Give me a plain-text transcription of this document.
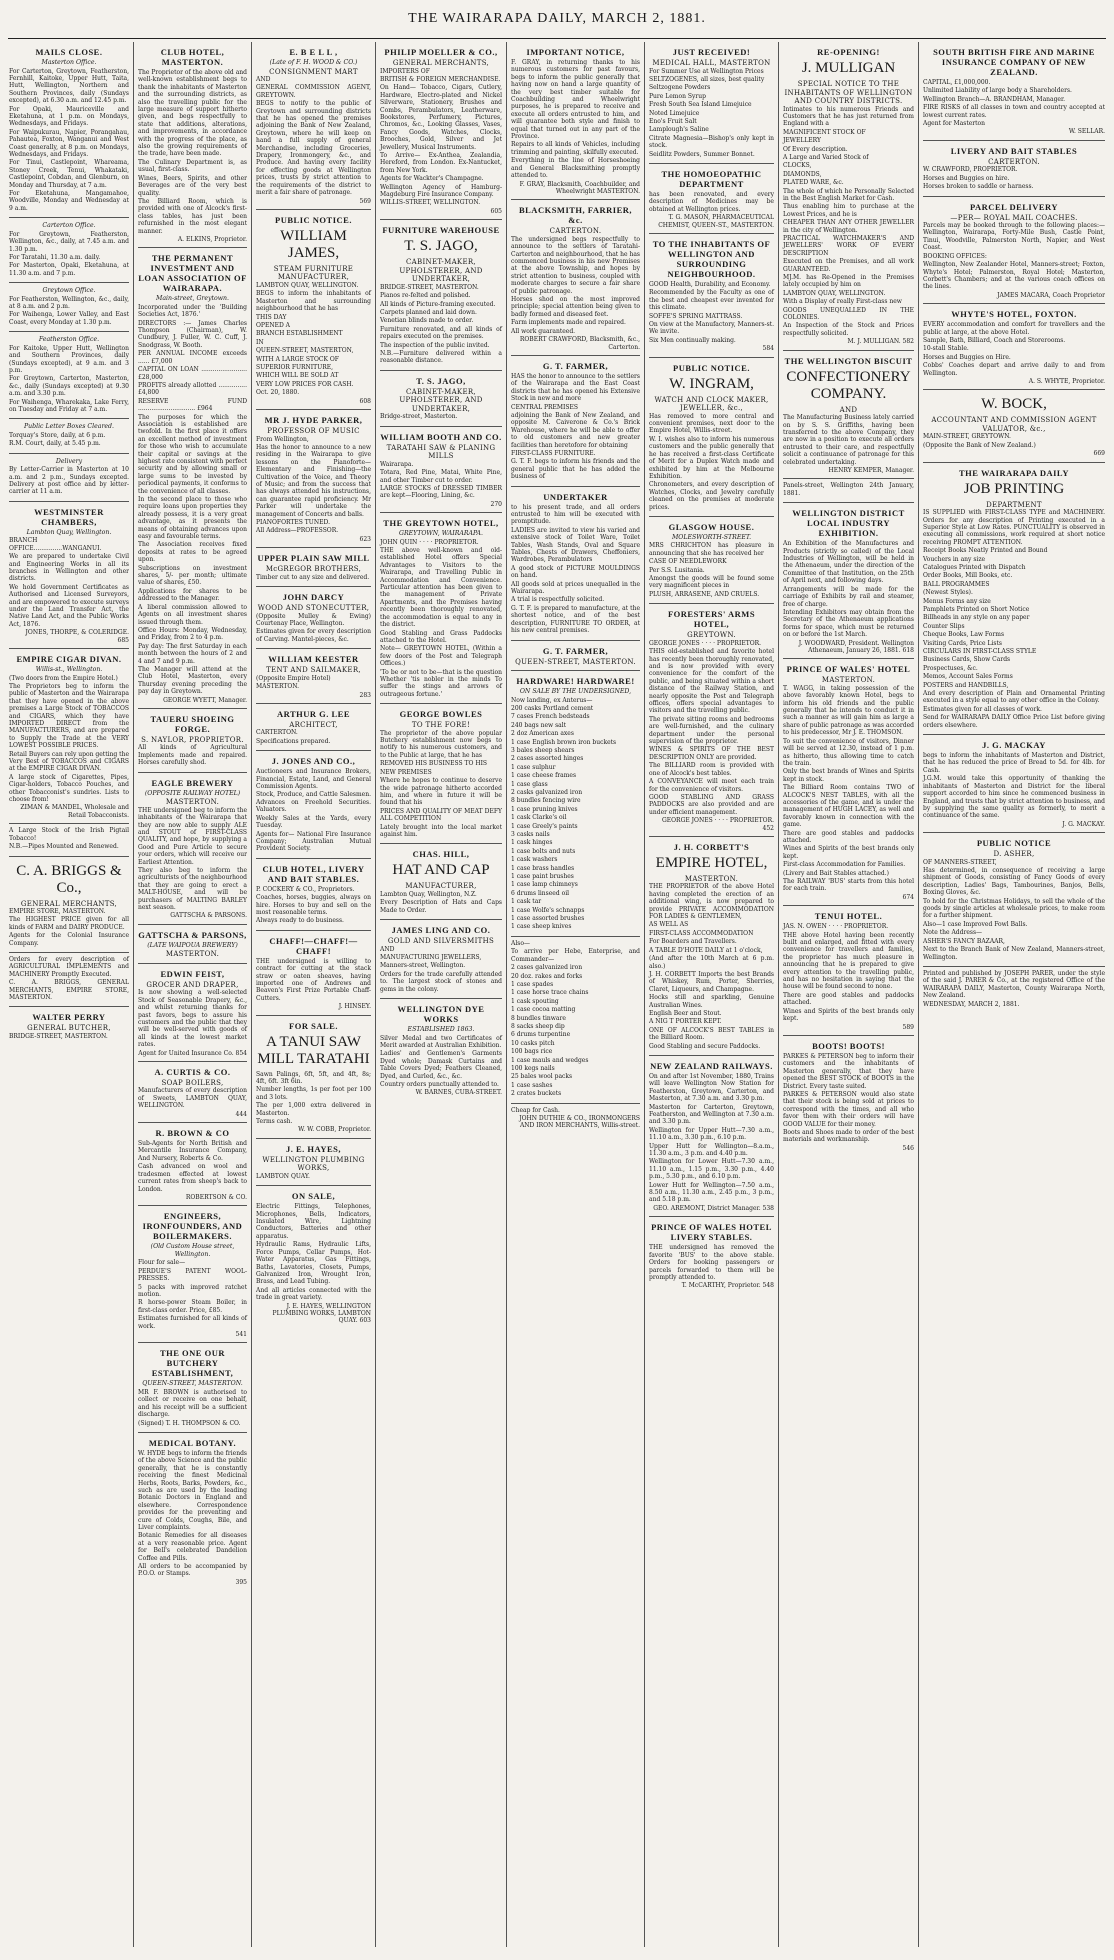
THE WAIRARAPA DAILY, MARCH 2, 1881.
MAILS CLOSE.
Masterton Office.
For Carterton, Greytown, Featherston, Fernhill, Kaitoke, Upper Hutt, Taita, Hutt, Wellington, Northern and Southern Provinces, daily (Sundays excepted), at 6.30 a.m. and 12.45 p.m.
For Opaki, Mauriceville and Eketahuna, at 1 p.m. on Mondays, Wednesdays, and Fridays.
For Waipukurau, Napier, Porangahau, Pahautea, Foxton, Wanganui and West Coast generally, at 8 p.m. on Mondays, Wednesdays, and Fridays.
For Tinui, Castlepoint, Whareama, Stoney Creek, Tenui, Whakataki, Castlepoint, Cobdan, and Glenburn, on Monday and Thursday, at 7 a.m.
For Eketahuna, Mangamahoe, Woodville, Monday and Wednesday at 9 a.m.
Carterton Office.
For Greytown, Featherston, Wellington, &c., daily, at 7.45 a.m. and 1.30 p.m.
For Taratahi, 11.30 a.m. daily.
For Masterton, Opaki, Eketahuna, at 11.30 a.m. and 7 p.m.
Greytown Office.
For Featherston, Wellington, &c., daily, at 8 a.m. and 2 p.m.
For Waihenga, Lower Valley, and East Coast, every Monday at 1.30 p.m.
Featherston Office.
For Kaitoke, Upper Hutt, Wellington and Southern Provinces, daily (Sundays excepted), at 9 a.m. and 3 p.m.
For Greytown, Carterton, Masterton, &c., daily (Sundays excepted) at 9.30 a.m. and 3.30 p.m.
For Waihenga, Wharekaka, Lake Ferry, on Tuesday and Friday at 7 a.m.
Public Letter Boxes Cleared.
Torquay's Store, daily, at 6 p.m.
R.M. Court, daily, at 5.45 p.m.
Delivery
By Letter-Carrier in Masterton at 10 a.m. and 2 p.m., Sundays excepted. Delivery at post office and by letter-carrier at 11 a.m.
WESTMINSTER CHAMBERS,
Lambton Quay, Wellington.
BRANCH OFFICE...............WANGANUI.
We are prepared to undertake Civil and Engineering Works in all its branches in Wellington and other districts.
We hold Government Certificates as Authorised and Licensed Surveyors, and are empowered to execute surveys under the Land Transfer Act, the Native Land Act, and the Public Works Act, 1876.
JONES, THORPE, & COLERIDGE.
685
EMPIRE CIGAR DIVAN.
Willis-st., Wellington.
(Two doors from the Empire Hotel.)
The Proprietors beg to inform the public of Masterton and the Wairarapa that they have opened in the above premises a Large Stock of TOBACCOS and CIGARS, which they have IMPORTED DIRECT from the MANUFACTURERS, and are prepared to Supply the Trade at the VERY LOWEST POSSIBLE PRICES.
Retail Buyers can rely upon getting the Very Best of TOBACCOS and CIGARS at the EMPIRE CIGAR DIVAN.
A large stock of Cigarettes, Pipes, Cigar-holders, Tobacco Pouches, and other Tobacconist's sundries. Lists to choose from!
ZIMAN & MANDEL, Wholesale and Retail Tobacconists.
A Large Stock of the Irish Pigtail Tobacco!
N.B.—Pipes Mounted and Renewed.
C. A. BRIGGS & Co.,
GENERAL MERCHANTS,
EMPIRE STORE, MASTERTON.
The HIGHEST PRICE given for all kinds of FARM and DAIRY PRODUCE.
Agents for the Colonial Insurance Company.
Orders for every description of AGRICULTURAL IMPLEMENTS and MACHINERY Promptly Executed.
C. A. BRIGGS, GENERAL MERCHANTS, EMPIRE STORE, MASTERTON.
WALTER PERRY
GENERAL BUTCHER,
BRIDGE-STREET, MASTERTON.
CLUB HOTEL, MASTERTON.
The Proprietor of the above old and well-known establishment begs to thank the inhabitants of Masterton and the surrounding districts, as also the travelling public for the large measure of support hitherto given, and begs respectfully to state that additions, alterations, and improvements, in accordance with the progress of the place, as also the growing requirements of the trade, have been made.
The Culinary Department is, as usual, first-class.
Wines, Beers, Spirits, and other Beverages are of the very best quality.
The Billiard Room, which is provided with one of Alcock's first-class tables, has just been refurnished in the most elegant manner.
A. ELKINS, Proprietor.
THE PERMANENT INVESTMENT AND LOAN ASSOCIATION OF WAIRARAPA.
Main-street, Greytown.
Incorporated under the 'Building Societies Act, 1876.'
DIRECTORS :— James Charles Thompson (Chairman), W. Cundbury, J. Fuller, W. C. Cuff, J. Snodgrass, W. Booth.
PER ANNUAL INCOME exceeds ...... £7,000
CAPITAL ON LOAN ........................ £28,000
PROFITS already allotted ............... £4,800
RESERVE FUND .............................. £964
The purposes for which the Association is established are twofold. In the first place it offers an excellent method of investment for those who wish to accumulate their capital or savings at the highest rate consistent with perfect security and by allowing small or large sums to be invested by periodical payments, it conforms to the convenience of all classes.
In the second place to those who require loans upon properties they already possess, it is a very great advantage, as it presents the means of obtaining advances upon easy and favourable terms.
The Association receives fixed deposits at rates to be agreed upon.
Subscriptions on investment shares, 5/- per month; ultimate value of shares, £50.
Applications for shares to be addressed to the Manager.
A liberal commission allowed to Agents on all investment shares issued through them.
Office Hours: Monday, Wednesday, and Friday, from 2 to 4 p.m.
Pay day: The first Saturday in each month between the hours of 2 and 4 and 7 and 9 p.m.
The Manager will attend at the Club Hotel, Masterton, every Thursday evening preceding the pay day in Greytown.
GEORGE WYETT, Manager.
TAUERU SHOEING FORGE.
S. NAYLOR, PROPRIETOR.
All kinds of Agricultural Implements made and repaired. Horses carefully shod.
EAGLE BREWERY
(OPPOSITE RAILWAY HOTEL)
MASTERTON.
THE undersigned beg to inform the inhabitants of the Wairarapa that they are now able to supply ALE and STOUT of FIRST-CLASS QUALITY, and hope, by supplying a Good and Pure Article to secure your orders, which will receive our Earliest Attention.
They also beg to inform the agriculturists of the neighbourhood that they are going to erect a MALT-HOUSE, and will be purchasers of MALTING BARLEY next season.
GATTSCHA & PARSONS.
GATTSCHA & PARSONS,
(LATE WAIPOUA BREWERY)
MASTERTON.
EDWIN FEIST,
GROCER AND DRAPER,
Is now showing a well-selected Stock of Seasonable Drapery, &c., and whilst returning thanks for past favors, begs to assure his customers and the public that they will be well-served with goods of all kinds at the lowest market rates.
Agent for United Insurance Co. 854
A. CURTIS & CO.
SOAP BOILERS,
Manufacturers of every description of Sweets, LAMBTON QUAY, WELLINGTON.
444
R. BROWN & CO
Sub-Agents for North British and Mercantile Insurance Company, And Nursery, Roberts & Co.
Cash advanced on wool and tradesmen effected at lowest current rates from sheep's back to London.
ROBERTSON & CO.
ENGINEERS, IRONFOUNDERS, AND BOILERMAKERS.
(Old Custom House street, Wellington.
Flour for sale—
PERDUE'S PATENT WOOL-PRESSES.
5 packs with improved ratchet motion.
R horse-power Steam Boiler, in first-class order. Price, £85.
Estimates furnished for all kinds of work.
541
THE ONE OUR BUTCHERY ESTABLISHMENT,
QUEEN-STREET, MASTERTON.
MR F. BROWN is authorised to collect or receive on one behalf, and his receipt will be a sufficient discharge.
(Signed) T. H. THOMPSON & CO.
MEDICAL BOTANY.
W. HYDE begs to inform the friends of the above Science and the public generally, that he is constantly receiving the finest Medicinal Herbs, Roots, Barks, Powders, &c., such as are used by the leading Botanic Doctors in England and elsewhere. Correspondence provides for the preventing and cure of Colds, Coughs, Bile, and Liver complaints.
Botanic Remedies for all diseases at a very reasonable price. Agent for Bell's celebrated Dandelion Coffee and Pills.
All orders to be accompanied by P.O.O. or Stamps.
395
E. B E L L ,
(Late of F. H. WOOD & CO.)
CONSIGNMENT MART
AND
GENERAL COMMISSION AGENT, GREYTOWN.
BEGS to notify to the public of Greytown and surrounding districts that he has opened the premises adjoining the Bank of New Zealand, Greytown, where he will keep on hand a full supply of general Merchandise, including Groceries, Drapery, Ironmongery, &c., and Produce. And having every facility for effecting goods at Wellington prices, trusts by strict attention to the requirements of the district to merit a fair share of patronage.
569
PUBLIC NOTICE.
WILLIAM JAMES,
STEAM FURNITURE MANUFACTURER,
LAMBTON QUAY, WELLINGTON.
BEGS to inform the inhabitants of Masterton and surrounding neighbourhood that he has
THIS DAY
OPENED A
BRANCH ESTABLISHMENT
IN
QUEEN-STREET, MASTERTON,
WITH A LARGE STOCK OF
SUPERIOR FURNITURE,
WHICH WILL BE SOLD AT
VERY LOW PRICES FOR CASH.
Oct. 20, 1880.
608
MR J. HYDE PARKER,
PROFESSOR OF MUSIC
From Wellington,
Has the honor to announce to a new residing in the Wairarapa to give lessons on the Pianoforte—Elementary and Finishing—the Cultivation of the Voice, and Theory of Music; and from the success that has always attended his instructions, can guarantee rapid proficiency. Mr Parker will undertake the management of Concerts and balls.
PIANOFORTES TUNED.
All Address—PROFESSOR.
623
UPPER PLAIN SAW MILL
McGREGOR BROTHERS,
Timber cut to any size and delivered.
JOHN DARCY
WOOD AND STONECUTTER,
(Opposite Mulley & Ewing) Courtenay Place, Wellington.
Estimates given for every description of Carving. Mantel-pieces, &c.
WILLIAM KEESTER
TENT AND SAILMAKER,
(Opposite Empire Hotel)
MASTERTON.
283
ARTHUR G. LEE
ARCHITECT,
CARTERTON.
Specifications prepared.
J. JONES AND CO.,
Auctioneers and Insurance Brokers, Financial, Estate, Land, and General Commission Agents.
Stock, Produce, and Cattle Salesmen. Advances on Freehold Securities. Valuators.
Weekly Sales at the Yards, every Tuesday.
Agents for— National Fire Insurance Company; Australian Mutual Provident Society.
CLUB HOTEL, LIVERY AND BAIT STABLES.
P. COCKERY & CO., Proprietors.
Coaches, horses, buggies, always on hire. Horses to buy and sell on the most reasonable terms.
Always ready to do business.
CHAFF!—CHAFF!—CHAFF!
THE undersigned is willing to contract for cutting at the stack straw or oaten sheaves, having imported one of Andrews and Beaven's First Prize Portable Chaff-Cutters.
J. HINSEY.
FOR SALE.
A TANUI SAW MILL TARATAHI
Sawn Palings, 6ft, 5ft, and 4ft, 8s; 4ft, 6ft. 3ft 6in.
Number lengths, 1s per foot per 100 and 3 lots.
The per 1,000 extra delivered in Masterton.
Terms cash.
W. W. COBB, Proprietor.
J. E. HAYES,
WELLINGTON PLUMBING WORKS,
LAMBTON QUAY.
ON SALE,
Electric Fittings, Telephones, Microphones, Bells, Indicators, Insulated Wire, Lightning Conductors, Batteries and other apparatus.
Hydraulic Rams, Hydraulic Lifts, Force Pumps, Cellar Pumps, Hot-Water Apparatus, Gas Fittings, Baths, Lavatories, Closets, Pumps, Galvanized Iron, Wrought Iron, Brass, and Lead Tubing.
And all articles connected with the trade in great variety.
J. E. HAYES, WELLINGTON PLUMBING WORKS, LAMBTON QUAY. 603
PHILIP MOELLER & CO.,
GENERAL MERCHANTS,
IMPORTERS OF
BRITISH & FOREIGN MERCHANDISE.
On Hand— Tobacco, Cigars, Cutlery, Hardware, Electro-plated and Nickel Silverware, Stationery, Brushes and Combs, Perambulators, Leatherware, Bookstores, Perfumery, Pictures, Chromos, &c., Looking Glasses, Vases, Fancy Goods, Watches, Clocks, Brooches, Gold, Silver and Jet Jewellery, Musical Instruments.
To Arrive— Ex-Anthea, Zealandia, Hereford, from London. Ex-Nantucket, from New York.
Agents for Wackter's Champagne.
Wellington Agency of Hamburg-Magdeburg Fire Insurance Company.
WILLIS-STREET, WELLINGTON.
605
FURNITURE WAREHOUSE
T. S. JAGO,
CABINET-MAKER, UPHOLSTERER, AND UNDERTAKER,
BRIDGE-STREET, MASTERTON.
Pianos re-felted and polished.
All kinds of Picture-framing executed.
Carpets planned and laid down.
Venetian blinds made to order.
Furniture renovated, and all kinds of repairs executed on the premises.
The inspection of the public invited.
N.B.—Furniture delivered within a reasonable distance.
T. S. JAGO,
CABINET-MAKER, UPHOLSTERER, AND UNDERTAKER,
Bridge-street, Masterton.
WILLIAM BOOTH AND CO.
TARATAHI SAW & PLANING MILLS
Wairarapa.
Totara, Red Pine, Matai, White Pine, and other Timber cut to order.
LARGE STOCKS of DRESSED TIMBER are kept—Flooring, Lining, &c.
270
THE GREYTOWN HOTEL,
GREYTOWN, WAIRARAPA.
JOHN QUIN · · · · PROPRIETOR.
THE above well-known and old-established Hotel offers Special Advantages to Visitors to the Wairarapa, and Travelling Public in Accommodation and Convenience. Particular attention has been given to the management of Private Apartments, and the Premises having recently been thoroughly renovated, the accommodation is equal to any in the district.
Good Stabling and Grass Paddocks attached to the Hotel.
Note— GREYTOWN HOTEL, (Within a few doors of the Post and Telegraph Offices.)
'To be or not to be—that is the question Whether 'tis nobler in the minds To suffer the stings and arrows of outrageous fortune.'
GEORGE BOWLES
TO THE FORE!
The proprietor of the above popular Butchery establishment now begs to notify to his numerous customers, and to the Public at large, that he has
REMOVED HIS BUSINESS TO HIS
NEW PREMISES
Where he hopes to continue to deserve the wide patronage hitherto accorded him, and where in future it will be found that his
PRICES AND QUALITY OF MEAT DEFY ALL COMPETITION
Lately brought into the local market against him.
CHAS. HILL,
HAT AND CAP
MANUFACTURER,
Lambton Quay, Wellington, N.Z.
Every Description of Hats and Caps Made to Order.
JAMES LING AND CO.
GOLD AND SILVERSMITHS
AND
MANUFACTURING JEWELLERS,
Manners-street, Wellington.
Orders for the trade carefully attended to. The largest stock of stones and gems in the colony.
WELLINGTON DYE WORKS
ESTABLISHED 1863.
Silver Medal and two Certificates of Merit awarded at Australian Exhibition.
Ladies' and Gentlemen's Garments Dyed whole; Damask Curtains and Table Covers Dyed; Feathers Cleaned, Dyed, and Curled, &c., &c.
Country orders punctually attended to.
W. BARNES, CUBA-STREET.
IMPORTANT NOTICE,
F. GRAY, in returning thanks to his numerous customers for past favours, begs to inform the public generally that having now on hand a large quantity of the very best timber suitable for Coachbuilding and Wheelwright purposes, he is prepared to receive and execute all orders entrusted to him, and will guarantee both style and finish to equal that turned out in any part of the Province.
Repairs to all kinds of Vehicles, including trimming and painting, skilfully executed.
Everything in the line of Horseshoeing and General Blacksmithing promptly attended to.
F. GRAY, Blacksmith, Coachbuilder, and Wheelwright MASTERTON.
BLACKSMITH, FARRIER, &c.
CARTERTON.
The undersigned begs respectfully to announce to the settlers of Taratahi-Carterton and neighbourhood, that he has commenced business in his new Premises at the above Township, and hopes by strict attention to business, coupled with moderate charges to secure a fair share of public patronage.
Horses shod on the most improved principle; special attention being given to badly formed and diseased feet.
Farm implements made and repaired.
All work guaranteed.
ROBERT CRAWFORD, Blacksmith, &c., Carterton.
G. T. FARMER,
HAS the honor to announce to the settlers of the Wairarapa and the East Coast districts that he has opened his Extensive Stock in new and more
CENTRAL PREMISES
adjoining the Bank of New Zealand, and opposite M. Caiverone & Co.'s Brick Warehouse, where he will be able to offer to old customers and new greater facilities than heretofore for obtaining
FIRST-CLASS FURNITURE.
G. T. F. begs to inform his friends and the general public that he has added the business of
UNDERTAKER
to his present trade, and all orders entrusted to him will be executed with promptitude.
LADIES are invited to view his varied and extensive stock of Toilet Ware, Toilet Tables, Wash Stands, Oval and Square Tables, Chests of Drawers, Cheffoniers, Wardrobes, Perambulators
A good stock of PICTURE MOULDINGS on hand.
All goods sold at prices unequalled in the Wairarapa.
A trial is respectfully solicited.
G. T. F. is prepared to manufacture, at the shortest notice, and of the best description, FURNITURE TO ORDER, at his new central premises.
G. T. FARMER,
QUEEN-STREET, MASTERTON.
HARDWARE! HARDWARE!
ON SALE BY THE UNDERSIGNED,
Now landing, ex Anterus—
200 casks Portland cement
7 cases French bedsteads
240 bags new salt
2 doz American axes
1 case English brown iron buckets
3 bales sheep shears
2 cases assorted hinges
1 case sulphur
1 case cheese frames
1 case glass
2 casks galvanized iron
8 bundles fencing wire
1 case pruning knives
1 cask Clarke's oil
1 case Greely's paints
3 casks nails
1 cask hinges
1 case bolts and nuts
1 cask washers
1 case brass handles
1 case paint brushes
1 case lamp chimneys
6 drums linseed oil
1 cask tar
1 case Wolfe's schnapps
1 case assorted brushes
1 case sheep knives
Also—
To arrive per Hebe, Enterprise, and Commander—
2 cases galvanized iron
20 doz. rakes and forks
1 case spades
1 case horse trace chains
1 cask spouting
1 case cocoa matting
8 bundles tinware
8 sacks sheep dip
6 drums turpentine
10 casks pitch
100 bags rice
1 case mauls and wedges
100 kegs nails
25 bales wool packs
1 case sashes
2 crates buckets
Cheap for Cash.
JOHN DUTHIE & CO., IRONMONGERS AND IRON MERCHANTS, Willis-street.
JUST RECEIVED!
MEDICAL HALL, MASTERTON
For Summer Use at Wellington Prices
SELTZOGENES, all sizes, best quality
Seltzogene Powders
Pure Lemon Syrup
Fresh South Sea Island Limejuice
Noted Limejuice
Eno's Fruit Salt
Lamplough's Saline
Citrate Magnesia—Bishop's only kept in stock.
Seidlitz Powders, Summer Bonnet.
THE HOMOEOPATHIC DEPARTMENT
has been renovated, and every description of Medicines may be obtained at Wellington prices.
T. G. MASON, PHARMACEUTICAL CHEMIST, QUEEN-ST., MASTERTON.
TO THE INHABITANTS OF WELLINGTON AND SURROUNDING NEIGHBOURHOOD.
GOOD Health, Durability, and Economy.
Recommended by the Faculty as one of the best and cheapest ever invented for this climate.
SOFFE'S SPRING MATTRASS.
On view at the Manufactory, Manners-st. We invite.
Six Men continually making.
584
PUBLIC NOTICE.
W. INGRAM,
WATCH AND CLOCK MAKER, JEWELLER, &c.,
Has removed to more central and convenient premises, next door to the Empire Hotel, Willis-street.
W. I. wishes also to inform his numerous customers and the public generally that he has received a first-class Certificate of Merit for a Duplex Watch made and exhibited by him at the Melbourne Exhibition.
Chronometers, and every description of Watches, Clocks, and Jewelry carefully cleaned on the premises at moderate prices.
GLASGOW HOUSE.
MOLESWORTH-STREET.
MRS CHRICHTON has pleasure in announcing that she has received her
CASE OF NEEDLEWORK
Per S.S. Lusitania.
Amongst the goods will be found some very magnificent pieces in
PLUSH, ARRASENE, AND CRUELS.
FORESTERS' ARMS HOTEL,
GREYTOWN.
GEORGE JONES · · · · PROPRIETOR.
THIS old-established and favorite hotel has recently been thoroughly renovated, and is now provided with every convenience for the comfort of the public, and being situated within a short distance of the Railway Station, and nearly opposite the Post and Telegraph offices, offers special advantages to visitors and the travelling public.
The private sitting rooms and bedrooms are well-furnished, and the culinary department under the personal supervision of the proprietor.
WINES & SPIRITS OF THE BEST DESCRIPTION ONLY are provided.
The BILLIARD room is provided with one of Alcock's best tables.
A CONVEYANCE will meet each train for the convenience of visitors.
GOOD STABLING AND GRASS PADDOCKS are also provided and are under efficient management.
GEORGE JONES · · · · PROPRIETOR. 452
J. H. CORBETT'S
EMPIRE HOTEL,
MASTERTON.
THE PROPRIETOR of the above Hotel having completed the erection of an additional wing, is now prepared to provide PRIVATE ACCOMMODATION FOR LADIES & GENTLEMEN,
AS WELL AS
FIRST-CLASS ACCOMMODATION
For Boarders and Travellers.
A TABLE D'HOTE DAILY at 1 o'clock,
(And after the 10th March at 6 p.m. also.)
J. H. CORBETT Imports the best Brands of Whiskey, Rum, Porter, Sherries, Claret, Liqueurs, and Champagne.
Hocks still and sparkling, Genuine Australian Wines.
English Beer and Stout.
A NIG T PORTER KEPT.
ONE OF ALCOCK'S BEST TABLES in the Billiard Room.
Good Stabling and secure Paddocks.
NEW ZEALAND RAILWAYS.
On and after 1st November, 1880, Trains will leave Wellington Now Station for Featherston, Greytown, Carterton, and Masterton, at 7.30 a.m. and 3.30 p.m.
Masterton for Carterton, Greytown, Featherston, and Wellington at 7.30 a.m. and 3.30 p.m.
Wellington for Upper Hutt—7.30 a.m., 11.10 a.m., 3.30 p.m., 6.10 p.m.
Upper Hutt for Wellington—8.a.m., 11.30 a.m., 3 p.m. and 4.40 p.m.
Wellington for Lower Hutt—7.30 a.m., 11.10 a.m., 1.15 p.m., 3.30 p.m., 4.40 p.m., 5.30 p.m., and 6.10 p.m.
Lower Hutt for Wellington—7.50 a.m., 8.50 a.m., 11.30 a.m., 2.45 p.m., 3 p.m., and 5.18 p.m.
GEO. AREMONT, District Manager. 538
PRINCE OF WALES HOTEL LIVERY STABLES.
THE undersigned has removed the favorite 'BUS' to the above stable. Orders for booking passengers or parcels forwarded to them will be promptly attended to.
T. McCARTHY, Proprietor. 548
RE-OPENING!
J. MULLIGAN
SPECIAL NOTICE TO THE INHABITANTS OF WELLINGTON AND COUNTRY DISTRICTS.
Intimates to his numerous Friends and Customers that he has just returned from England with a
MAGNIFICENT STOCK OF
JEWELLERY
Of Every description.
A Large and Varied Stock of
CLOCKS,
DIAMONDS,
PLATED WARE, &c.
The whole of which he Personally Selected in the Best English Market for Cash.
Thus enabling him to purchase at the Lowest Prices, and he is
CHEAPER THAN ANY OTHER JEWELLER in the city of Wellington.
PRACTICAL WATCHMAKER'S AND JEWELLERS' WORK OF EVERY DESCRIPTION
Executed on the Premises, and all work GUARANTEED.
MJ.M. has Re-Opened in the Premises lately occupied by him on
LAMBTON QUAY, WELLINGTON.
With a Display of really First-class new
GOODS UNEQUALLED IN THE COLONIES.
An Inspection of the Stock and Prices respectfully solicited.
M. J. MULLIGAN. 582
THE WELLINGTON BISCUIT
CONFECTIONERY COMPANY.
AND
The Manufacturing Business lately carried on by S. S. Griffiths, having been transferred to the above Company, they are now in a position to execute all orders entrusted to their care, and respectfully solicit a continuance of patronage for this celebrated undertaking.
HENRY KEMPER, Manager.
Panels-street, Wellington 24th January, 1881.
WELLINGTON DISTRICT LOCAL INDUSTRY EXHIBITION.
An Exhibition of the Manufactures and Products (strictly so called) of the Local Industries of Wellington, will be held in the Athenaeum, under the direction of the Committee of that Institution, on the 25th of April next, and following days.
Arrangements will be made for the carriage of Exhibits by rail and steamer, free of charge.
Intending Exhibitors may obtain from the Secretary of the Athenaeum applications forms for space, which must be returned on or before the 1st March.
J. WOODWARD, President. Wellington Athenaeum, January 26, 1881. 618
PRINCE OF WALES' HOTEL
MASTERTON.
T. WAGG, in taking possession of the above favorably known Hotel, begs to inform his old friends and the public generally that he intends to conduct it in such a manner as will gain him as large a share of public patronage as was accorded to his predecessor, Mr J. E. THOMSON.
To suit the convenience of visitors, Dinner will be served at 12.30, instead of 1 p.m. as hitherto, thus allowing time to catch the train.
Only the best brands of Wines and Spirits kept in stock.
The Billiard Room contains TWO of ALCOCK'S NEST TABLES, with all the accessories of the game, and is under the management of HUGH LACEY, as well and favorably known in connection with the game.
There are good stables and paddocks attached.
Wines and Spirits of the best brands only kept.
First-class Accommodation for Families.
(Livery and Bait Stables attached.)
The RAILWAY 'BUS' starts from this hotel for each train.
674
TENUI HOTEL.
JAS. N. OWEN · · · · PROPRIETOR.
THE above Hotel having been recently built and enlarged, and fitted with every convenience for travellers and families, the proprietor has much pleasure in announcing that he is prepared to give every attention to the travelling public, and has no hesitation in saying that the house will be found second to none.
There are good stables and paddocks attached.
Wines and Spirits of the best brands only kept.
589
BOOTS! BOOTS!
PARKES & PETERSON beg to inform their customers and the inhabitants of Masterton generally, that they have opened the BEST STOCK of BOOTS in the District. Every taste suited.
PARKES & PETERSON would also state that their stock is being sold at prices to correspond with the times, and all who favor them with their orders will have GOOD VALUE for their money.
Boots and Shoes made to order of the best materials and workmanship.
546
SOUTH BRITISH FIRE AND MARINE INSURANCE COMPANY OF NEW ZEALAND.
CAPITAL, £1,000,000.
Unlimited Liability of large body a Shareholders.
Wellington Branch—A. BRANDHAM, Manager.
FIRE RISKS of all classes in town and country accepted at lowest current rates.
Agent for Masterton
W. SELLAR.
LIVERY AND BAIT STABLES
CARTERTON.
W. CRAWFORD, PROPRIETOR.
Horses and Buggies on hire.
Horses broken to saddle or harness.
PARCEL DELIVERY
—PER— ROYAL MAIL COACHES.
Parcels may be booked through to the following places:—Wellington, Wairarapa, Forty-Mile Bush, Castle Point, Tinui, Woodville, Palmerston North, Napier, and West Coast.
BOOKING OFFICES:
Wellington, New Zealander Hotel, Manners-street; Foxton, Whyte's Hotel; Palmerston, Royal Hotel; Masterton, Corbett's Chambers; and at the various coach offices on the lines.
JAMES MACARA, Coach Proprietor
WHYTE'S HOTEL, FOXTON.
EVERY accommodation and comfort for travellers and the public at large, at the above Hotel.
Sample, Bath, Billiard, Coach and Storerooms.
10-stall Stable.
Horses and Buggies on Hire.
Cobbs' Coaches depart and arrive daily to and from Wellington.
A. S. WHYTE, Proprietor.
W. BOCK,
ACCOUNTANT AND COMMISSION AGENT VALUATOR, &c.,
MAIN-STREET, GREYTOWN.
(Opposite the Bank of New Zealand.)
669
THE WAIRARAPA DAILY
JOB PRINTING
DEPARTMENT
IS SUPPLIED with FIRST-CLASS TYPE and MACHINERY. Orders for any description of Printing executed in a Superior Style at Low Rates. PUNCTUALITY is observed in executing all commissions, work required at short notice receiving PROMPT ATTENTION.
Receipt Books Neatly Printed and Bound
Vouchers in any size
Catalogues Printed with Dispatch
Order Books, Mill Books, etc.
BALL PROGRAMMES
(Newest Styles).
Menus Forms any size
Pamphlets Printed on Short Notice
Billheads in any style on any paper
Counter Slips
Cheque Books, Law Forms
Visiting Cards, Price Lists
CIRCULARS IN FIRST-CLASS STYLE
Business Cards, Show Cards
Prospectuses, &c.
Memos, Account Sales Forms
POSTERS and HANDBILLS,
And every description of Plain and Ornamental Printing executed in a style equal to any other office in the Colony.
Estimates given for all classes of work.
Send for WAIRARAPA DAILY Office Price List before giving orders elsewhere.
J. G. MACKAY
begs to inform the inhabitants of Masterton and District, that he has reduced the price of Bread to 5d. for 4lb. for Cash.
J.G.M. would take this opportunity of thanking the inhabitants of Masterton and District for the liberal support accorded to him since he commenced business in England, and trusts that by strict attention to business, and by supplying the same quality as formerly, to merit a continuance of the same.
J. G. MACKAY.
PUBLIC NOTICE
D. ASHER,
OF MANNERS-STREET,
Has determined, in consequence of receiving a large shipment of Goods, consisting of Fancy Goods of every description, Ladies' Bags, Tambourines, Banjos, Bells, Boxing Gloves, &c.
To hold for the Christmas Holidays, to sell the whole of the goods by single articles at wholesale prices, to make room for a further shipment.
Also—1 case Improved Fowl Balls.
Note the Address—
ASHER'S FANCY BAZAAR,
Next to the Branch Bank of New Zealand, Manners-street, Wellington.
Printed and published by JOSEPH PARER, under the style of the said J. PARER & Co., at the registered Office of the WAIRARAPA DAILY, Masterton, County Wairarapa North, New Zealand.
WEDNESDAY, MARCH 2, 1881.
